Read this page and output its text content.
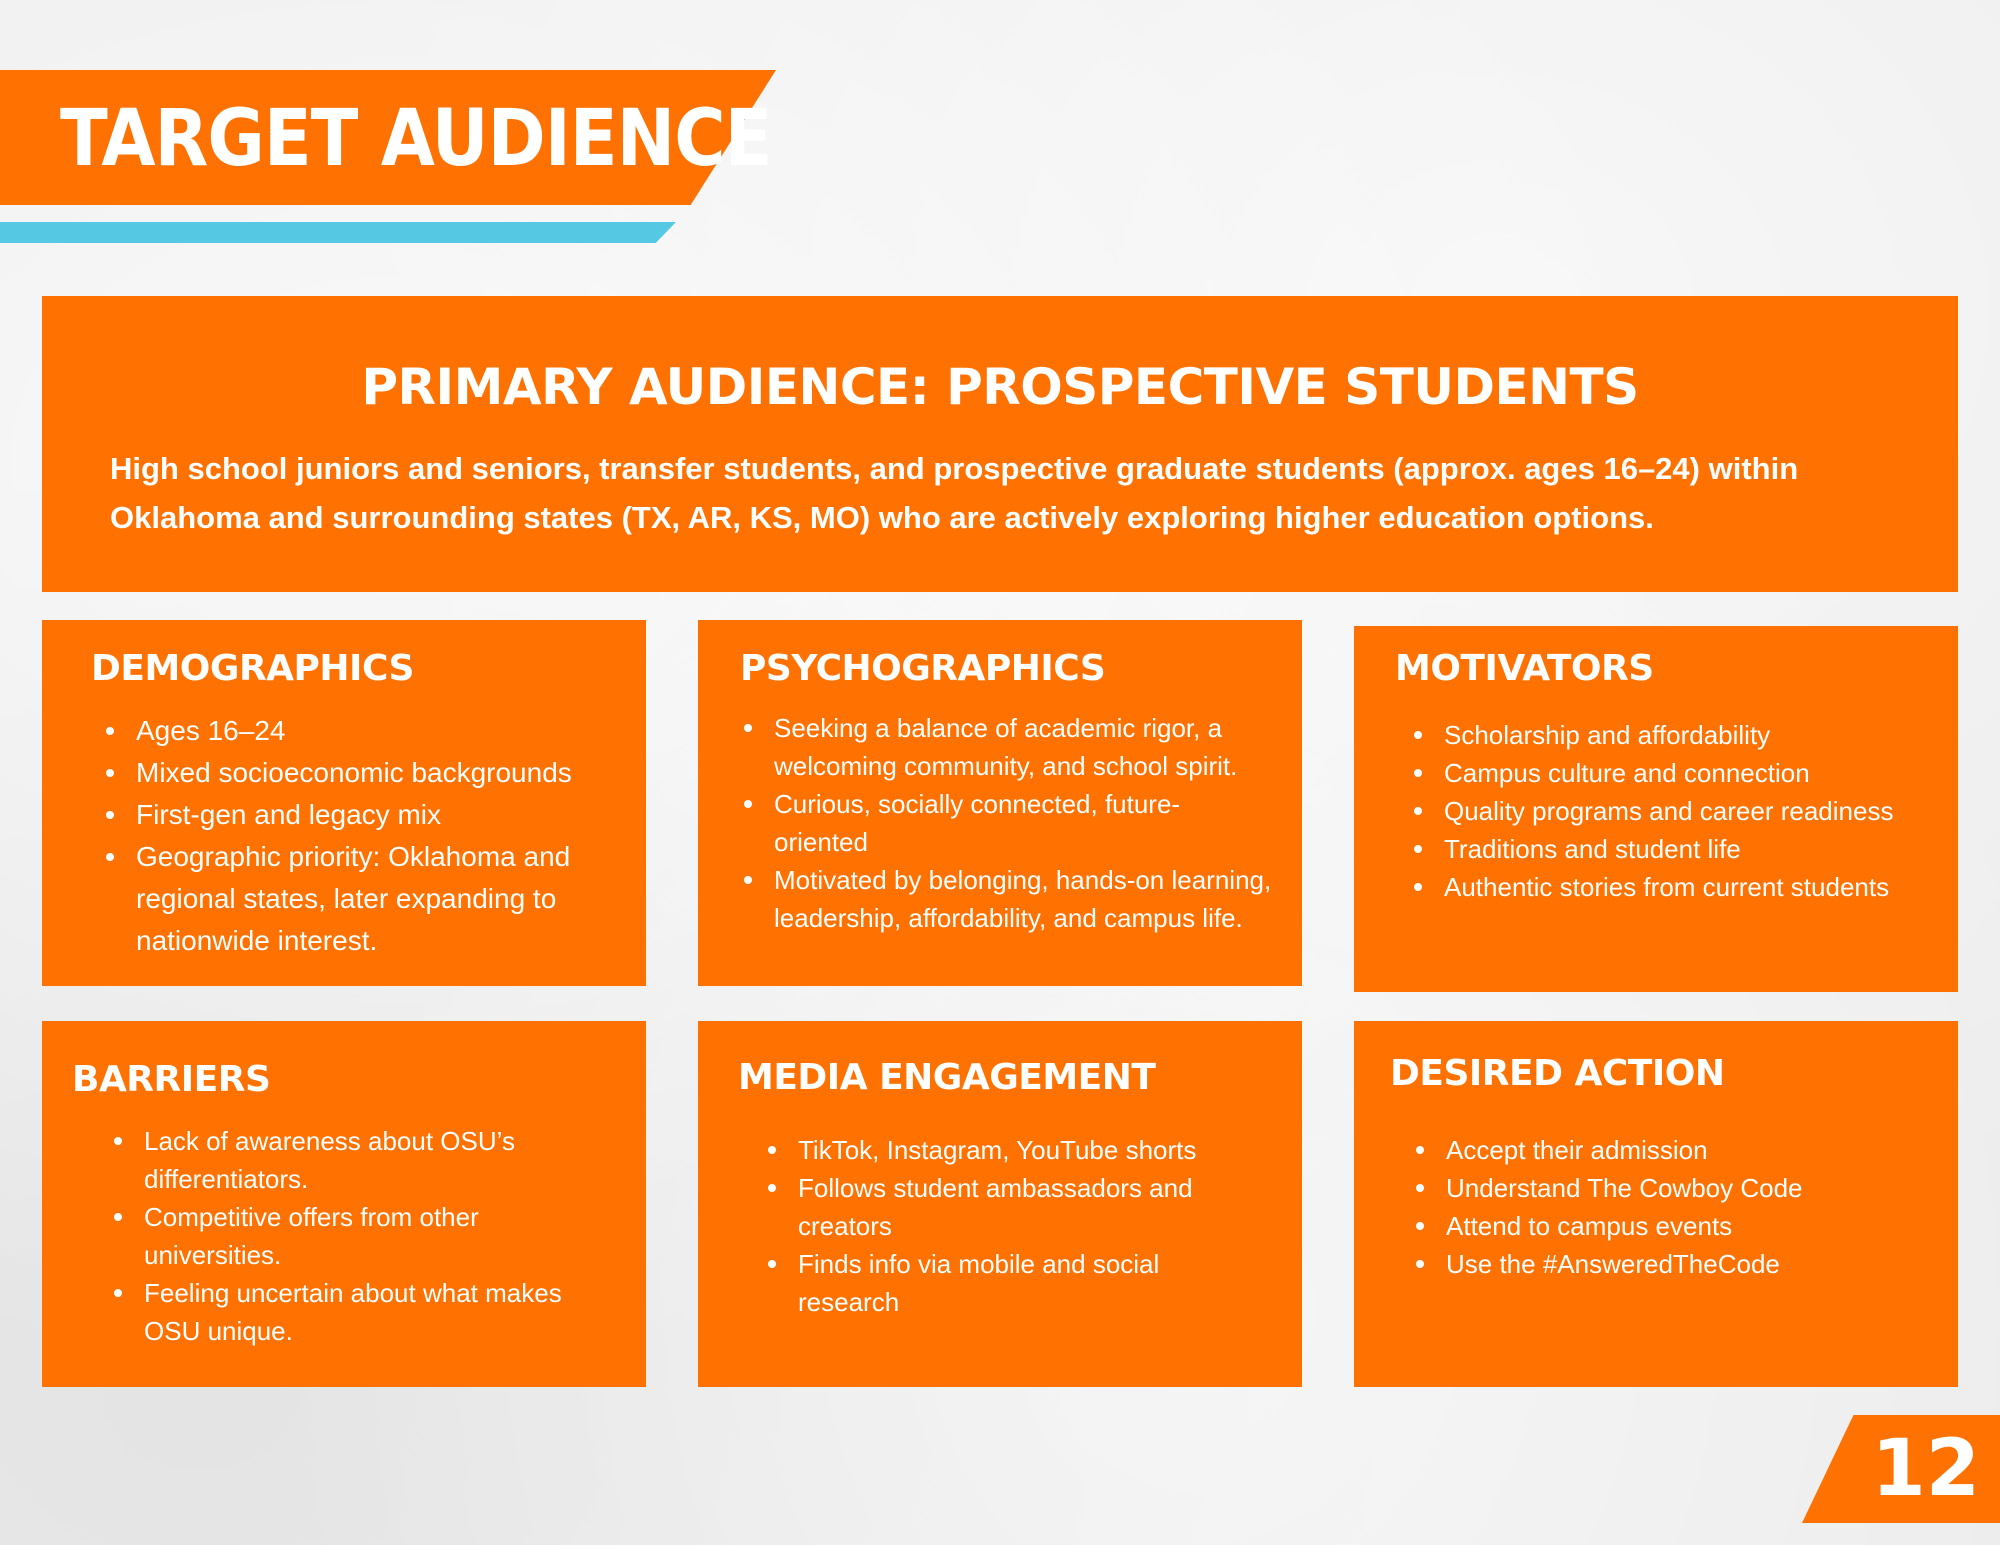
TARGET AUDIENCE
PRIMARY AUDIENCE: PROSPECTIVE STUDENTS
High school juniors and seniors, transfer students, and prospective graduate students (approx. ages 16–24) within Oklahoma and surrounding states (TX, AR, KS, MO) who are actively exploring higher education options.
DEMOGRAPHICS
Ages 16–24
Mixed socioeconomic backgrounds
First-gen and legacy mix
Geographic priority: Oklahoma and regional states, later expanding to nationwide interest.
PSYCHOGRAPHICS
Seeking a balance of academic rigor, a welcoming community, and school spirit.
Curious, socially connected, future-oriented
Motivated by belonging, hands-on learning, leadership, affordability, and campus life.
MOTIVATORS
Scholarship and affordability
Campus culture and connection
Quality programs and career readiness
Traditions and student life
Authentic stories from current students
BARRIERS
Lack of awareness about OSU’s differentiators.
Competitive offers from other universities.
Feeling uncertain about what makes OSU unique.
MEDIA ENGAGEMENT
TikTok, Instagram, YouTube shorts
Follows student ambassadors and creators
Finds info via mobile and social research
DESIRED ACTION
Accept their admission
Understand The Cowboy Code
Attend to campus events
Use the #AnsweredTheCode
12
